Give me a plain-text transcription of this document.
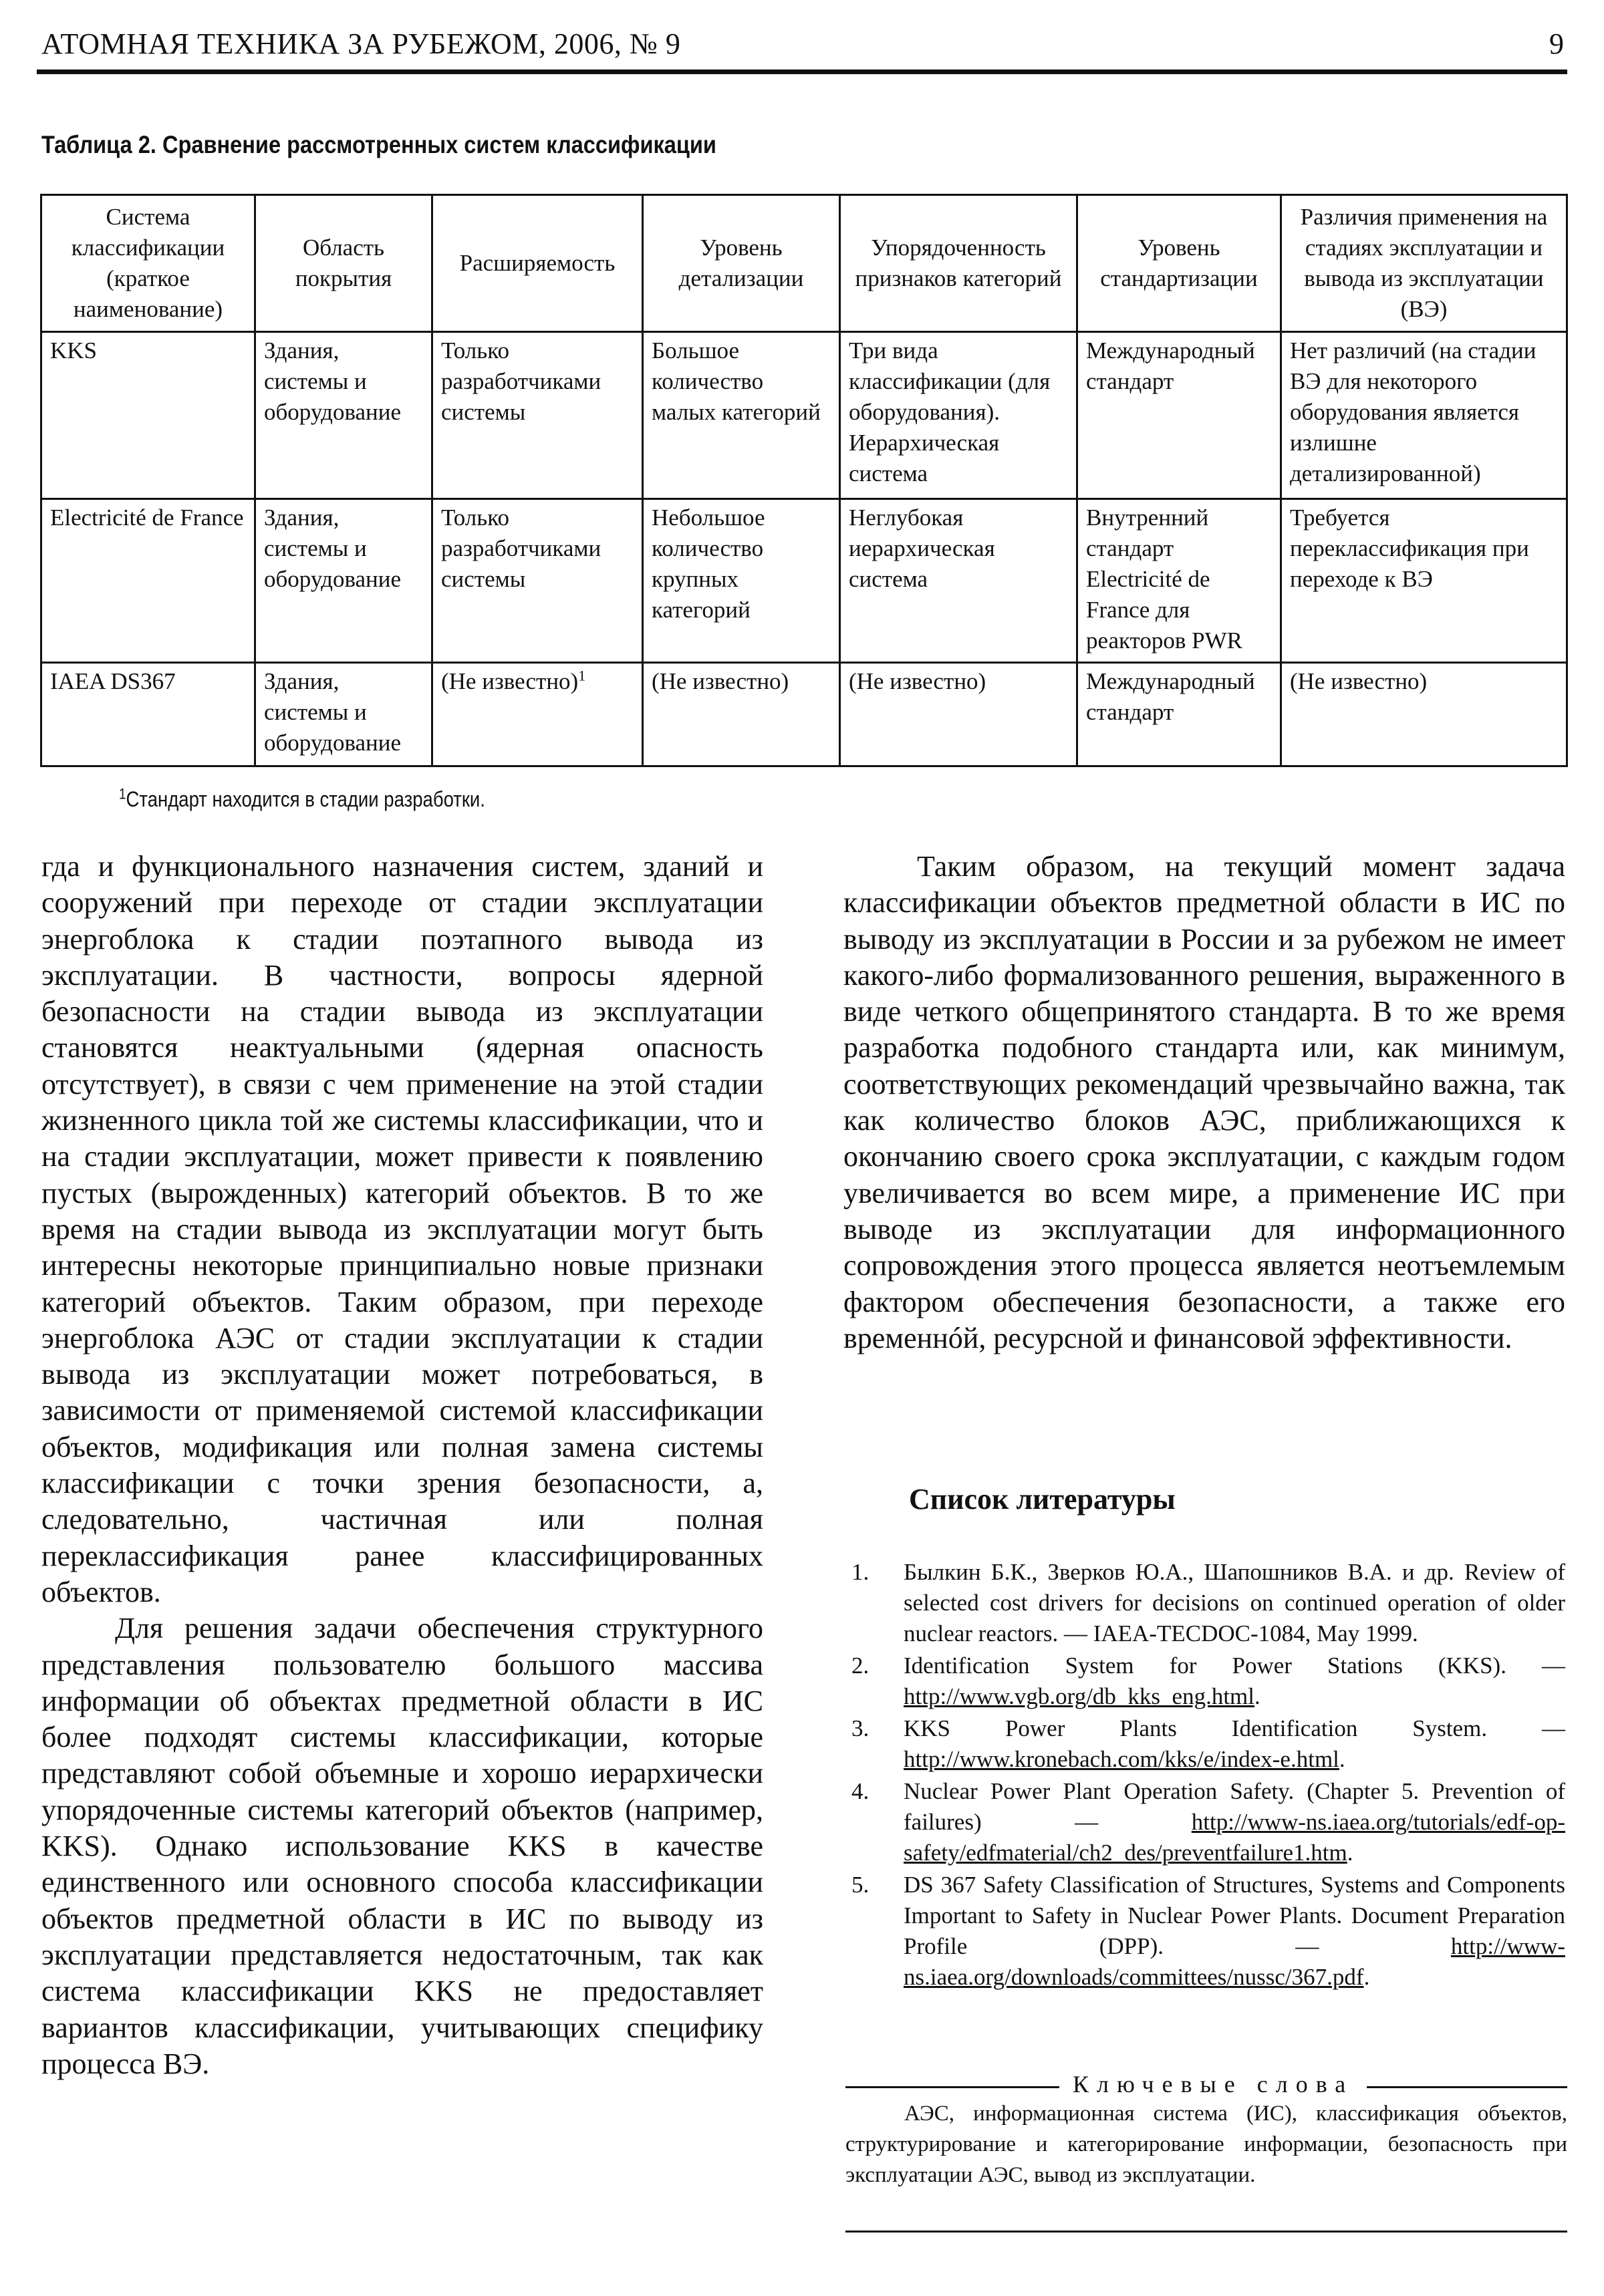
АТОМНАЯ ТЕХНИКА ЗА РУБЕЖОМ, 2006, № 9	9
Таблица 2. Сравнение рассмотренных систем классификации
Система классификации (краткое наименование)	Область покрытия	Расширяемость	Уровень детализации	Упорядоченность признаков категорий	Уровень стандартизации	Различия применения на стадиях эксплуатации и вывода из эксплуатации (ВЭ)
KKS	Здания, системы и оборудование	Только разработчиками системы	Большое количество малых категорий	Три вида классификации (для оборудования). Иерархическая система	Международный стандарт	Нет различий (на стадии ВЭ для некоторого оборудования является излишне детализированной)
Electricité de France	Здания, системы и оборудование	Только разработчиками системы	Небольшое количество крупных категорий	Неглубокая иерархическая система	Внутренний стандарт Electricité de France для реакторов PWR	Требуется переклассификация при переходе к ВЭ
IAEA DS367	Здания, системы и оборудование	(Не известно)$^1$	(Не известно)	(Не известно)	Международный стандарт	(Не известно)
$^1$Стандарт находится в стадии разработки.

гда и функционального назначения систем, зданий и сооружений при переходе от стадии эксплуатации энергоблока к стадии поэтапного вывода из эксплуатации. В частности, вопросы ядерной безопасности на стадии вывода из эксплуатации становятся неактуальными (ядерная опасность отсутствует), в связи с чем применение на этой стадии жизненного цикла той же системы классификации, что и на стадии эксплуатации, может привести к появлению пустых (вырожденных) категорий объектов. В то же время на стадии вывода из эксплуатации могут быть интересны некоторые принципиально новые признаки категорий объектов. Таким образом, при переходе энергоблока АЭС от стадии эксплуатации к стадии вывода из эксплуатации может потребоваться, в зависимости от применяемой системой классификации объектов, модификация или полная замена системы классификации с точки зрения безопасности, а, следовательно, частичная или полная переклассификация ранее классифицированных объектов.

Для решения задачи обеспечения структурного представления пользователю большого массива информации об объектах предметной области в ИС более подходят системы классификации, которые представляют собой объемные и хорошо иерархически упорядоченные системы категорий объектов (например, KKS). Однако использование KKS в качестве единственного или основного способа классификации объектов предметной области в ИС по выводу из эксплуатации представляется недостаточным, так как система классификации KKS не предоставляет вариантов классификации, учитывающих специфику процесса ВЭ.

Таким образом, на текущий момент задача классификации объектов предметной области в ИС по выводу из эксплуатации в России и за рубежом не имеет какого-либо формализованного решения, выраженного в виде четкого общепринятого стандарта. В то же время разработка подобного стандарта или, как минимум, соответствующих рекомендаций чрезвычайно важна, так как количество блоков АЭС, приближающихся к окончанию своего срока эксплуатации, с каждым годом увеличивается во всем мире, а применение ИС при выводе из эксплуатации для информационного сопровождения этого процесса является неотъемлемым фактором обеспечения безопасности, а также его временнóй, ресурсной и финансовой эффективности.

Список литературы
1. Былкин Б.К., Зверков Ю.А., Шапошников В.А. и др. Review of selected cost drivers for decisions on continued operation of older nuclear reactors. — IAEA-TECDOC-1084, May 1999.
2. Identification System for Power Stations (KKS). — http://www.vgb.org/db_kks_eng.html.
3. KKS Power Plants Identification System. — http://www.kronebach.com/kks/e/index-e.html.
4. Nuclear Power Plant Operation Safety. (Chapter 5. Prevention of failures) — http://www-ns.iaea.org/tutorials/edf-op-safety/edfmaterial/ch2_des/preventfailure1.htm.
5. DS 367 Safety Classification of Structures, Systems and Components Important to Safety in Nuclear Power Plants. Document Preparation Profile (DPP). — http://www-ns.iaea.org/downloads/committees/nussc/367.pdf.
Ключевые слова

АЭС, информационная система (ИС), классификация объектов, структурирование и категорирование информации, безопасность при эксплуатации АЭС, вывод из эксплуатации.
